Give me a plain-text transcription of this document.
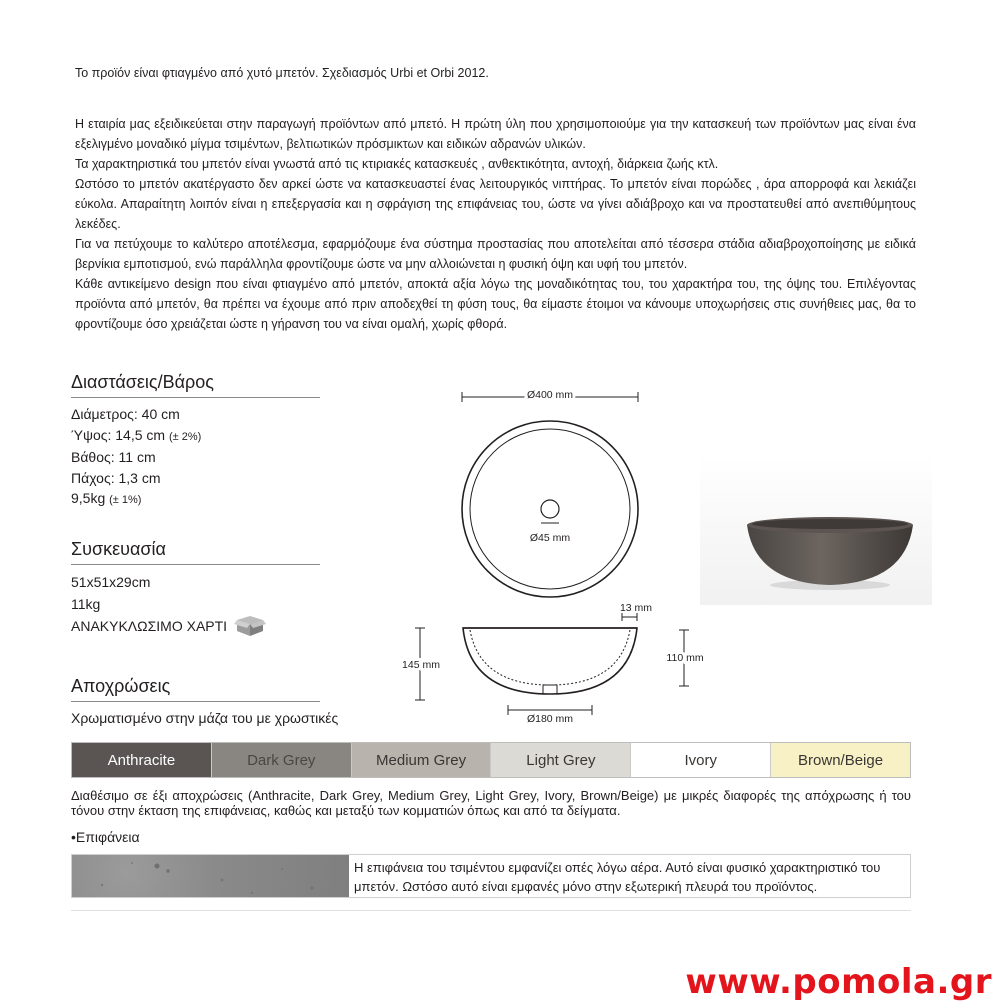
Το προϊόν είναι φτιαγμένο από χυτό μπετόν. Σχεδιασμός Urbi et Orbi 2012.

Η εταιρία μας εξειδικεύεται στην παραγωγή προϊόντων από μπετό. Η πρώτη ύλη που χρησιμοποιούμε για την κατασκευή των προϊόντων μας είναι ένα εξελιγμένο μοναδικό μίγμα τσιμέντων, βελτιωτικών πρόσμικτων και ειδικών αδρανών υλικών.

Τα χαρακτηριστικά του μπετόν είναι γνωστά από τις κτιριακές κατασκευές , ανθεκτικότητα, αντοχή, διάρκεια ζωής κτλ.

Ωστόσο το μπετόν ακατέργαστο δεν αρκεί ώστε να κατασκευαστεί ένας λειτουργικός νιπτήρας. Το μπετόν είναι πορώδες , άρα απορροφά και λεκιάζει εύκολα. Απαραίτητη λοιπόν είναι η επεξεργασία και η σφράγιση της επιφάνειας του, ώστε να γίνει αδιάβροχο και να προστατευθεί από ανεπιθύμητους λεκέδες.

Για να πετύχουμε το καλύτερο αποτέλεσμα, εφαρμόζουμε ένα σύστημα προστασίας που αποτελείται από τέσσερα στάδια αδιαβροχοποίησης με ειδικά βερνίκια εμποτισμού, ενώ παράλληλα φροντίζουμε ώστε να μην αλλοιώνεται η φυσική όψη και υφή του μπετόν.

Κάθε αντικείμενο design που είναι φτιαγμένο από μπετόν, αποκτά αξία λόγω της μοναδικότητας του, του χαρακτήρα του, της όψης του. Επιλέγοντας προϊόντα από μπετόν, θα πρέπει να έχουμε από πριν αποδεχθεί τη φύση τους, θα είμαστε έτοιμοι να κάνουμε υποχωρήσεις στις συνήθειες μας, θα το φροντίζουμε όσο χρειάζεται ώστε η γήρανση του να είναι ομαλή, χωρίς φθορά.

Διαστάσεις/Βάρος
Διάμετρος: 40 cm
Ύψος: 14,5 cm (± 2%)
Βάθος: 11 cm
Πάχος: 1,3 cm
9,5kg (± 1%)
Συσκευασία
51x51x29cm
11kg
ΑΝΑΚΥΚΛΩΣΙΜΟ ΧΑΡΤΙ
Αποχρώσεις
Χρωματισμένο στην μάζα του με χρωστικές
Anthracite	Dark Grey	Medium Grey	Light Grey	Ivory	Brown/Beige
Διαθέσιμο σε έξι αποχρώσεις (Anthracite, Dark Grey, Medium Grey, Light Grey, Ivory, Brown/Beige) με μικρές διαφορές της απόχρωσης ή του τόνου στην έκταση της επιφάνειας, καθώς και μεταξύ των κομματιών όπως και από τα δείγματα.
•Επιφάνεια
Η επιφάνεια του τσιμέντου εμφανίζει οπές λόγω αέρα. Αυτό είναι φυσικό χαρακτηριστικό του μπετόν. Ωστόσο αυτό είναι εμφανές μόνο στην εξωτερική πλευρά του προϊόντος.
Ø400 mm
Ø45 mm
13 mm
145 mm
110 mm
Ø180 mm
www.pomola.gr
